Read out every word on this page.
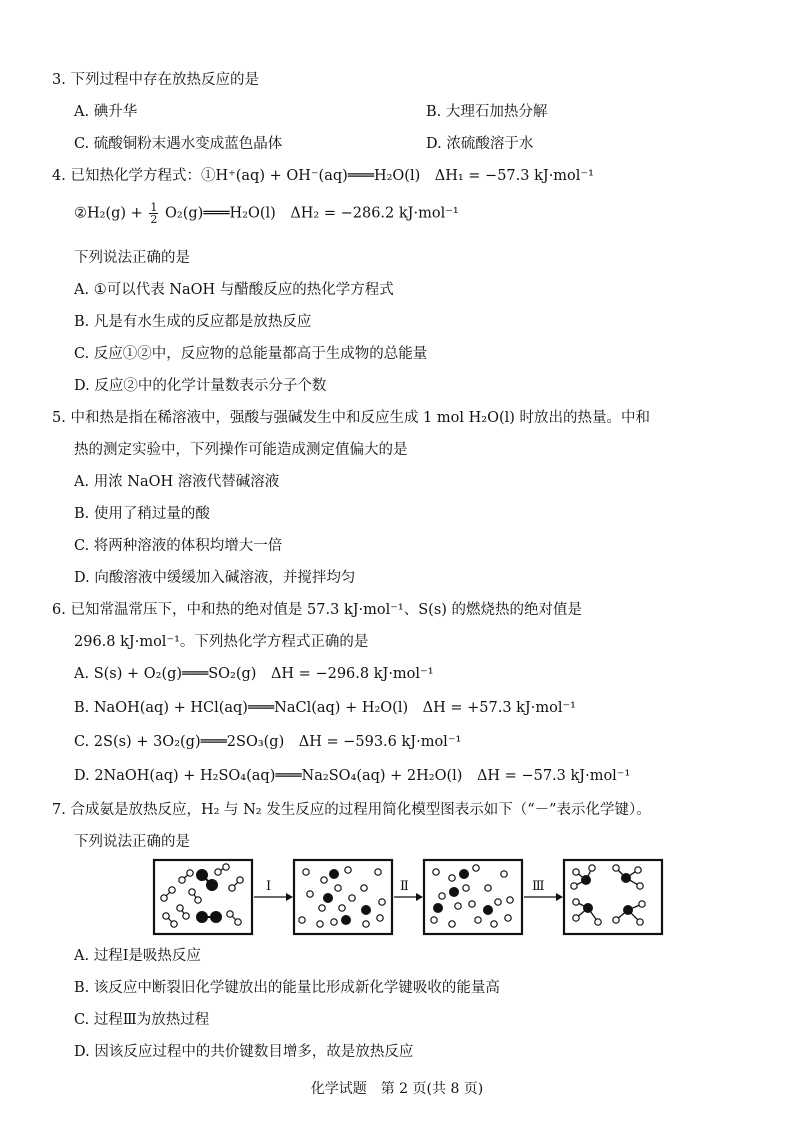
3. 下列过程中存在放热反应的是
A. 碘升华	B. 大理石加热分解
C. 硫酸铜粉末遇水变成蓝色晶体	D. 浓硫酸溶于水
4. 已知热化学方程式：①H⁺(aq) + OH⁻(aq)═══H₂O(l)　ΔH₁ = −57.3 kJ·mol⁻¹
②H₂(g) + $\frac{1}{2}$ O₂(g)═══H₂O(l)　ΔH₂ = −286.2 kJ·mol⁻¹
下列说法正确的是
A. ①可以代表 NaOH 与醋酸反应的热化学方程式
B. 凡是有水生成的反应都是放热反应
C. 反应①②中，反应物的总能量都高于生成物的总能量
D. 反应②中的化学计量数表示分子个数
5. 中和热是指在稀溶液中，强酸与强碱发生中和反应生成 1 mol H₂O(l) 时放出的热量。中和
热的测定实验中，下列操作可能造成测定值偏大的是
A. 用浓 NaOH 溶液代替碱溶液
B. 使用了稍过量的酸
C. 将两种溶液的体积均增大一倍
D. 向酸溶液中缓缓加入碱溶液，并搅拌均匀
6. 已知常温常压下，中和热的绝对值是 57.3 kJ·mol⁻¹、S(s) 的燃烧热的绝对值是
296.8 kJ·mol⁻¹。下列热化学方程式正确的是
A. S(s) + O₂(g)═══SO₂(g)　ΔH = −296.8 kJ·mol⁻¹
B. NaOH(aq) + HCl(aq)═══NaCl(aq) + H₂O(l)　ΔH = +57.3 kJ·mol⁻¹
C. 2S(s) + 3O₂(g)═══2SO₃(g)　ΔH = −593.6 kJ·mol⁻¹
D. 2NaOH(aq) + H₂SO₄(aq)═══Na₂SO₄(aq) + 2H₂O(l)　ΔH = −57.3 kJ·mol⁻¹
7. 合成氨是放热反应，H₂ 与 N₂ 发生反应的过程用简化模型图表示如下（“－”表示化学键）。
下列说法正确的是
Ⅰ	Ⅱ	Ⅲ
A. 过程Ⅰ是吸热反应
B. 该反应中断裂旧化学键放出的能量比形成新化学键吸收的能量高
C. 过程Ⅲ为放热过程
D. 因该反应过程中的共价键数目增多，故是放热反应
化学试题　第 2 页(共 8 页)
